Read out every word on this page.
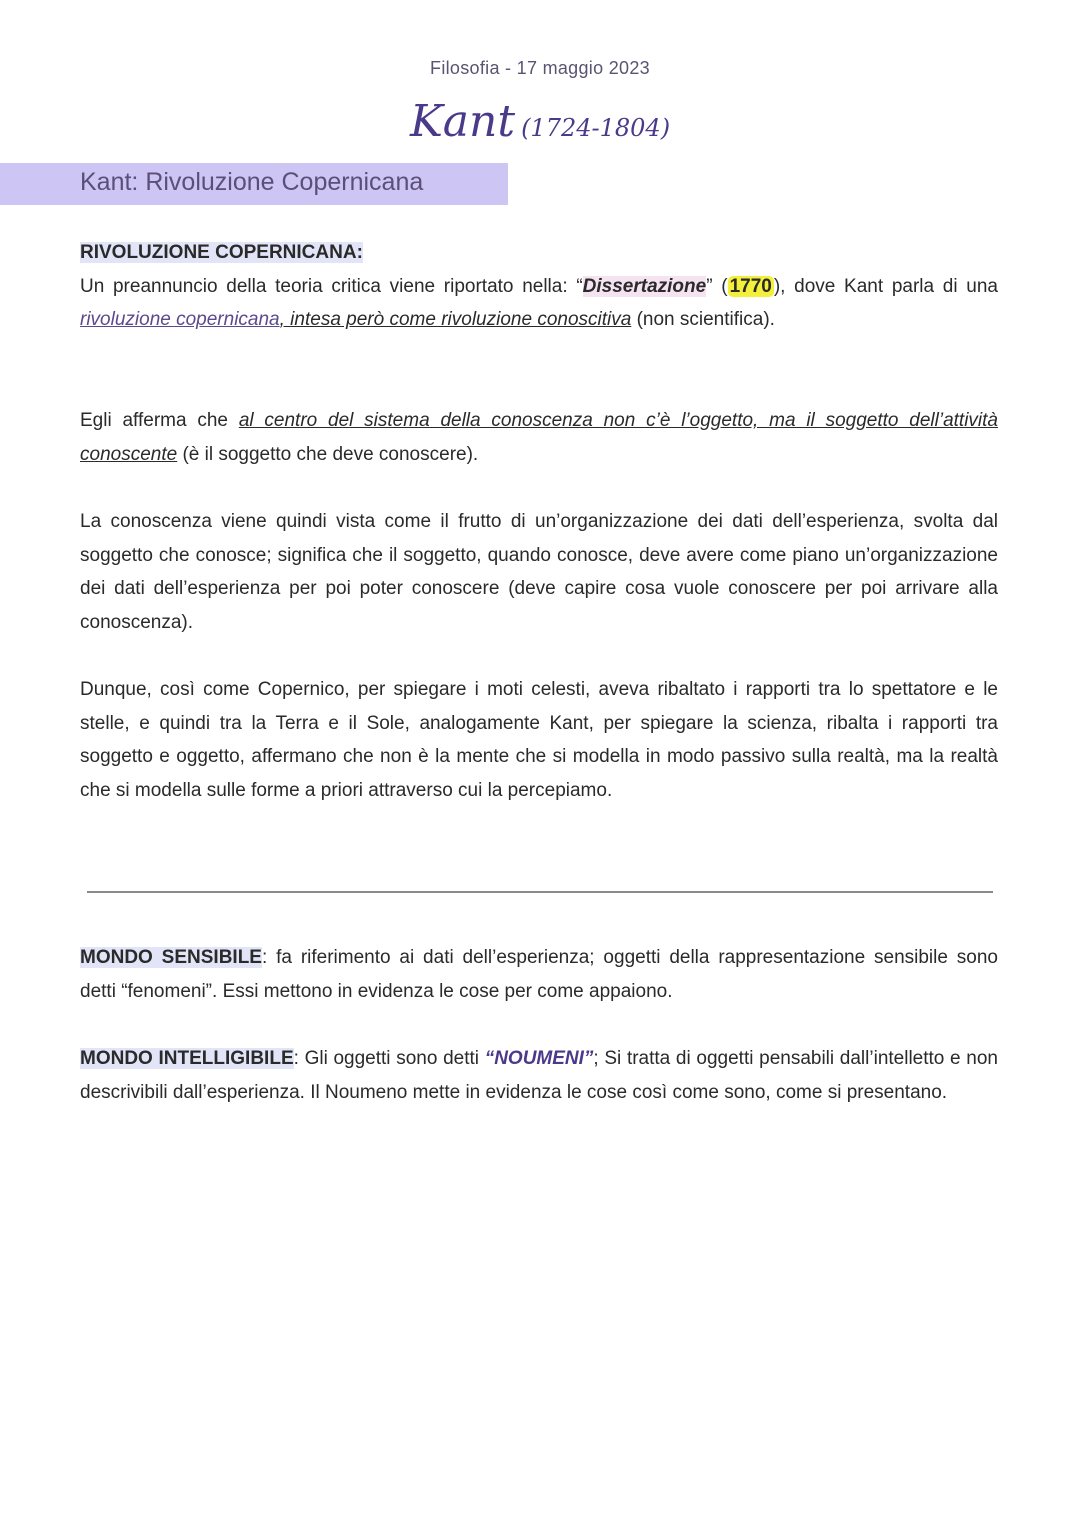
Filosofia - 17 maggio 2023
Kant (1724-1804)
Kant: Rivoluzione Copernicana
RIVOLUZIONE COPERNICANA:
Un preannuncio della teoria critica viene riportato nella: “Dissertazione” ( 1770 ), dove Kant parla di una rivoluzione copernicana, intesa però come rivoluzione conoscitiva (non scientifica).
Egli afferma che al centro del sistema della conoscenza non c’è l’oggetto, ma il soggetto dell’attività conoscente (è il soggetto che deve conoscere).
La conoscenza viene quindi vista come il frutto di un’organizzazione dei dati dell’esperienza, svolta dal soggetto che conosce; significa che il soggetto, quando conosce, deve avere come piano un’organizzazione dei dati dell’esperienza per poi poter conoscere (deve capire cosa vuole conoscere per poi arrivare alla conoscenza).
Dunque, così come Copernico, per spiegare i moti celesti, aveva ribaltato i rapporti tra lo spettatore e le stelle, e quindi tra la Terra e il Sole, analogamente Kant, per spiegare la scienza, ribalta i rapporti tra soggetto e oggetto, affermano che non è la mente che si modella in modo passivo sulla realtà, ma la realtà che si modella sulle forme a priori attraverso cui la percepiamo.
MONDO SENSIBILE: fa riferimento ai dati dell’esperienza; oggetti della rappresentazione sensibile sono detti “fenomeni”. Essi mettono in evidenza le cose per come appaiono.
MONDO INTELLIGIBILE: Gli oggetti sono detti “NOUMENI”; Si tratta di oggetti pensabili dall’intelletto e non descrivibili dall’esperienza. Il Noumeno mette in evidenza le cose così come sono, come si presentano.
